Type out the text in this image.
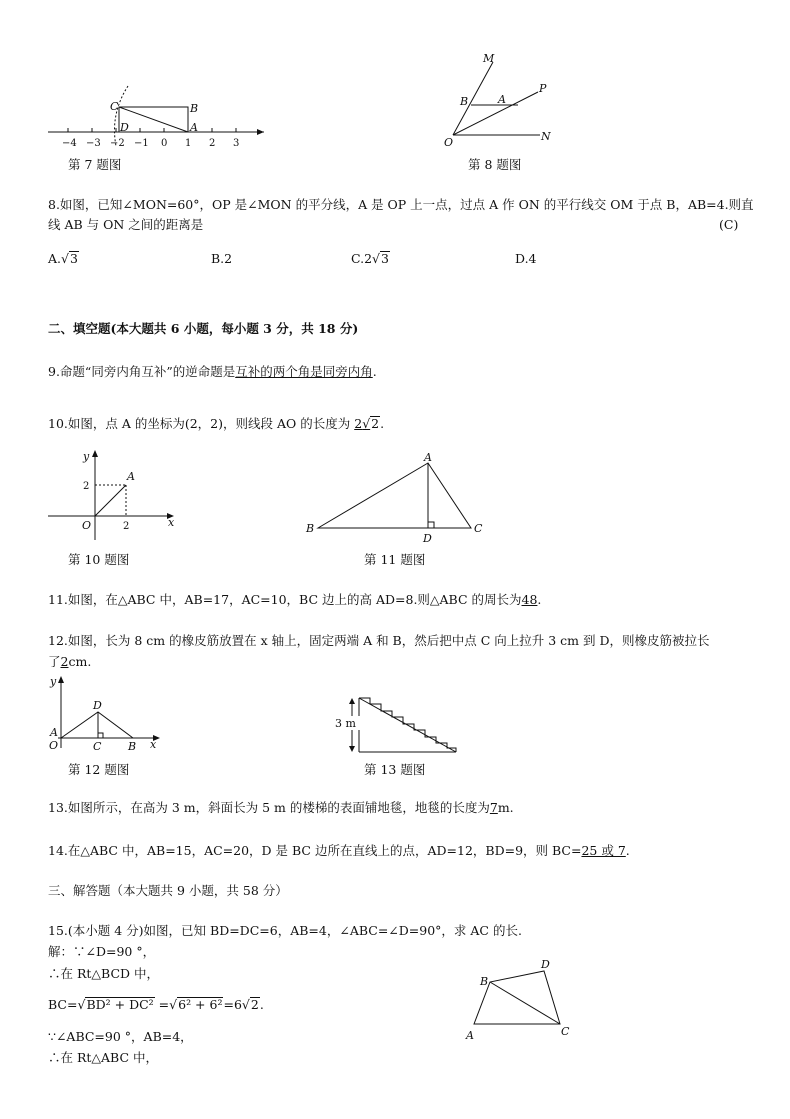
C	B
D	A
−4 −3 −2 −1 0 1 2 3
第 7 题图
M
P
B	A
O	N
第 8 题图
8.如图，已知∠MON=60°，OP 是∠MON 的平分线，A 是 OP 上一点，过点 A 作 ON 的平行线交 OM 于点 B，AB=4.则直
线 AB 与 ON 之间的距离是	(C)
A.√3	B.2	C.2√3	D.4
二、填空题(本大题共 6 小题，每小题 3 分，共 18 分)
9.命题“同旁内角互补”的逆命题是互补的两个角是同旁内角.
10.如图，点 A 的坐标为(2，2)，则线段 AO 的长度为 2√2.
y
A
2
2
O	x
第 10 题图
A
B
D
C
第 11 题图
11.如图，在△ABC 中，AB=17，AC=10，BC 边上的高 AD=8.则△ABC 的周长为48.
12.如图，长为 8 cm 的橡皮筋放置在 x 轴上，固定两端 A 和 B，然后把中点 C 向上拉升 3 cm 到 D，则橡皮筋被拉长
了2cm.
y
D
A
O	C B x
第 12 题图
3 m
第 13 题图
13.如图所示，在高为 3 m，斜面长为 5 m 的楼梯的表面铺地毯，地毯的长度为7m.
14.在△ABC 中，AB=15，AC=20，D 是 BC 边所在直线上的点，AD=12，BD=9，则 BC=25 或 7.
三、解答题（本大题共 9 小题，共 58 分）
15.(本小题 4 分)如图，已知 BD=DC=6，AB=4，∠ABC=∠D=90°，求 AC 的长.
解：∵∠D=90 °，
∴在 Rt△BCD 中，
BC=√BD² + DC² =√6² + 6²=6√2.
∵∠ABC=90 °，AB=4，
∴在 Rt△ABC 中，
B
D
A	C
